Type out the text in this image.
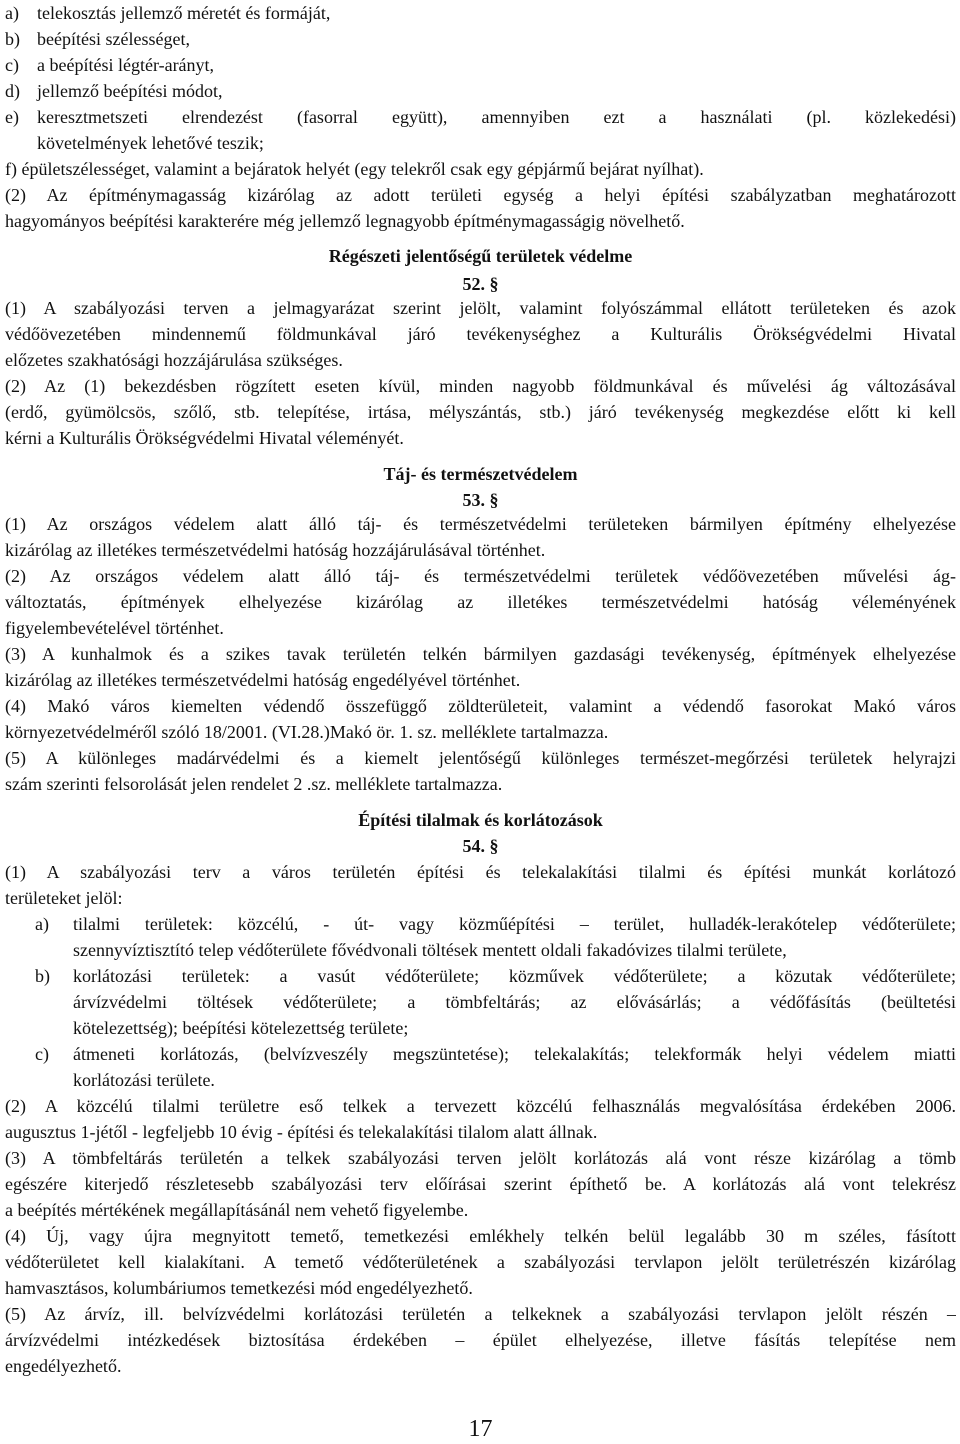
a) telekosztás jellemző méretét és formáját,
b) beépítési szélességet,
c) a beépítési légtér-arányt,
d) jellemző beépítési módot,
e) keresztmetszeti elrendezést (fasorral együtt), amennyiben ezt a használati (pl. közlekedési)
követelmények lehetővé teszik;
f) épületszélességet, valamint a bejáratok helyét (egy telekről csak egy gépjármű bejárat nyílhat).
(2) Az építménymagasság kizárólag az adott területi egység a helyi építési szabályzatban meghatározott
hagyományos beépítési karakterére még jellemző legnagyobb építménymagasságig növelhető.
Régészeti jelentőségű területek védelme
52. §
(1) A szabályozási terven a jelmagyarázat szerint jelölt, valamint folyószámmal ellátott területeken és azok
védőövezetében mindennemű földmunkával járó tevékenységhez a Kulturális Örökségvédelmi Hivatal
előzetes szakhatósági hozzájárulása szükséges.
(2) Az (1) bekezdésben rögzített eseten kívül, minden nagyobb földmunkával és művelési ág változásával
(erdő, gyümölcsös, szőlő, stb. telepítése, irtása, mélyszántás, stb.) járó tevékenység megkezdése előtt ki kell
kérni a Kulturális Örökségvédelmi Hivatal véleményét.
Táj- és természetvédelem
53. §
(1) Az országos védelem alatt álló táj- és természetvédelmi területeken bármilyen építmény elhelyezése
kizárólag az illetékes természetvédelmi hatóság hozzájárulásával történhet.
(2) Az országos védelem alatt álló táj- és természetvédelmi területek védőövezetében művelési ág-
változtatás, építmények elhelyezése kizárólag az illetékes természetvédelmi hatóság véleményének
figyelembevételével történhet.
(3) A kunhalmok és a szikes tavak területén telkén bármilyen gazdasági tevékenység, építmények elhelyezése
kizárólag az illetékes természetvédelmi hatóság engedélyével történhet.
(4) Makó város kiemelten védendő összefüggő zöldterületeit, valamint a védendő fasorokat Makó város
környezetvédelméről szóló 18/2001. (VI.28.)Makó ör. 1. sz. melléklete tartalmazza.
(5) A különleges madárvédelmi és a kiemelt jelentőségű különleges természet-megőrzési területek helyrajzi
szám szerinti felsorolását jelen rendelet 2 .sz. melléklete tartalmazza.
Építési tilalmak és korlátozások
54. §
(1) A szabályozási terv a város területén építési és telekalakítási tilalmi és építési munkát korlátozó
területeket jelöl:
a) tilalmi területek: közcélú, - út- vagy közműépítési – terület, hulladék-lerakótelep védőterülete;
szennyvíztisztító telep védőterülete fővédvonali töltések mentett oldali fakadóvizes tilalmi területe,
b) korlátozási területek: a vasút védőterülete; közművek védőterülete; a közutak védőterülete;
árvízvédelmi töltések védőterülete; a tömbfeltárás; az elővásárlás; a védőfásítás (beültetési
kötelezettség); beépítési kötelezettség területe;
c) átmeneti korlátozás, (belvízveszély megszüntetése); telekalakítás; telekformák helyi védelem miatti
korlátozási területe.
(2) A közcélú tilalmi területre eső telkek a tervezett közcélú felhasználás megvalósítása érdekében 2006.
augusztus 1-jétől - legfeljebb 10 évig - építési és telekalakítási tilalom alatt állnak.
(3) A tömbfeltárás területén a telkek szabályozási terven jelölt korlátozás alá vont része kizárólag a tömb
egészére kiterjedő részletesebb szabályozási terv előírásai szerint építhető be. A korlátozás alá vont telekrész
a beépítés mértékének megállapításánál nem vehető figyelembe.
(4) Új, vagy újra megnyitott temető, temetkezési emlékhely telkén belül legalább 30 m széles, fásított
védőterületet kell kialakítani. A temető védőterületének a szabályozási tervlapon jelölt területrészén kizárólag
hamvasztásos, kolumbáriumos temetkezési mód engedélyezhető.
(5) Az árvíz, ill. belvízvédelmi korlátozási területén a telkeknek a szabályozási tervlapon jelölt részén –
árvízvédelmi intézkedések biztosítása érdekében – épület elhelyezése, illetve fásítás telepítése nem
engedélyezhető.
17
